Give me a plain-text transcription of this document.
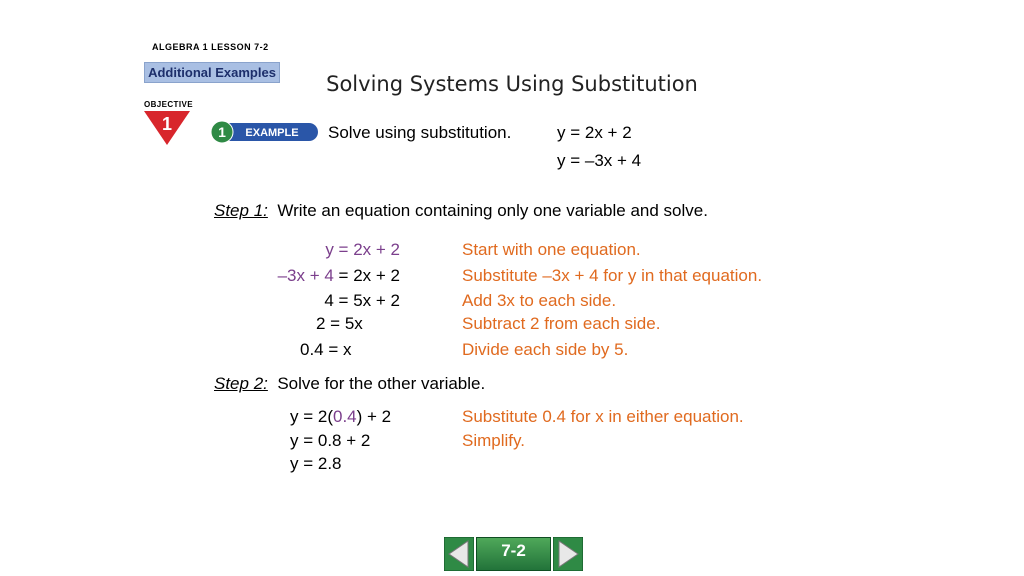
ALGEBRA 1 LESSON 7-2
Additional Examples	Solving Systems Using Substitution
OBJECTIVE
1	1 EXAMPLE Solve using substitution.	y = 2x + 2
y = –3x + 4
Step 1: Write an equation containing only one variable and solve.
y = 2x + 2	Start with one equation.
–3x + 4 = 2x + 2	Substitute –3x + 4 for y in that equation.
4 = 5x + 2	Add 3x to each side.
2 = 5x	Subtract 2 from each side.
0.4 = x	Divide each side by 5.
Step 2: Solve for the other variable.
y = 2(0.4) + 2	Substitute 0.4 for x in either equation.
y = 0.8 + 2	Simplify.
y = 2.8
7-2
